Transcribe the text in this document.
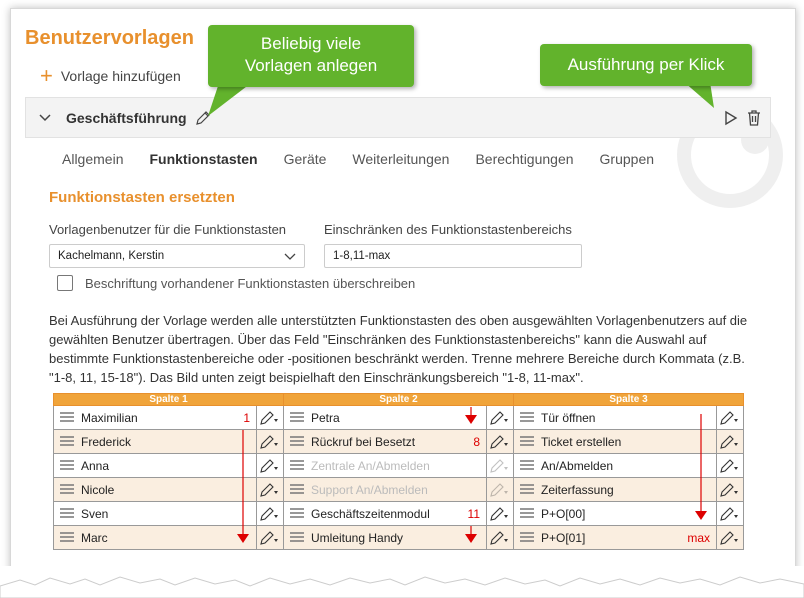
Benutzervorlagen
+ Vorlage hinzufügen
Geschäftsführung
Beliebig viele
Vorlagen anlegen	Ausführung per Klick
Allgemein Funktionstasten Geräte Weiterleitungen Berechtigungen Gruppen
Funktionstasten ersetzten
Vorlagenbenutzer für die Funktionstasten	Einschränken des Funktionstastenbereichs
Kachelmann, Kerstin	1-8,11-max
Beschriftung vorhandener Funktionstasten überschreiben
Bei Ausführung der Vorlage werden alle unterstützten Funktionstasten des oben ausgewählten Vorlagenbenutzers auf die gewählten Benutzer übertragen. Über das Feld "Einschränken des Funktionstastenbereichs" kann die Auswahl auf bestimmte Funktionstastenbereiche oder -positionen beschränkt werden. Trenne mehrere Bereiche durch Kommata (z.B. "1-8, 11, 15-18"). Das Bild unten zeigt beispielhaft den Einschränkungsbereich "1-8, 11-max".
Spalte 1		Spalte 2		Spalte 3	

Maximilian 1		Petra		Tür öffnen

Frederick		Rückruf bei Besetzt 8		Ticket erstellen

Anna		Zentrale An/Abmelden		An/Abmelden

Nicole		Support An/Abmelden		Zeiterfassung

Sven		Geschäftszeitenmodul 11		P+O[00]

Marc		Umleitung Handy		P+O[01] max
